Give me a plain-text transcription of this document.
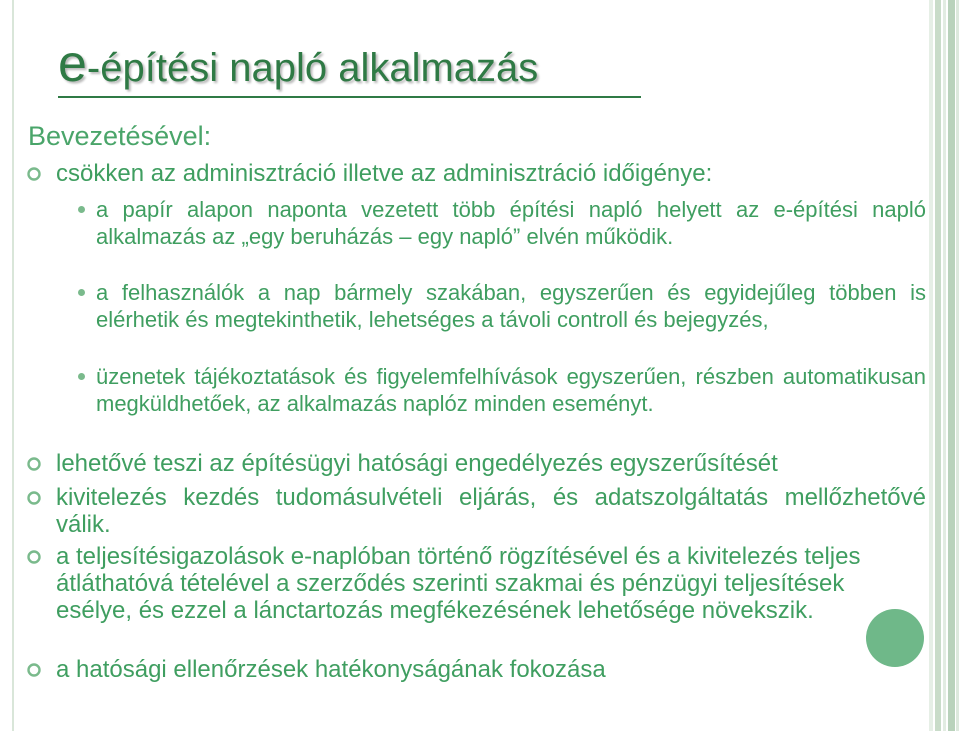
e-építési napló alkalmazás
Bevezetésével:
csökken az adminisztráció illetve az adminisztráció időigénye:
a papír alapon naponta vezetett több építési napló helyett az e-építési napló alkalmazás az „egy beruházás – egy napló” elvén működik.
a felhasználók a nap bármely szakában, egyszerűen és egyidejűleg többen is elérhetik és megtekinthetik, lehetséges a távoli controll és bejegyzés,
üzenetek tájékoztatások és figyelemfelhívások egyszerűen, részben automatikusan megküldhetőek, az alkalmazás naplóz minden eseményt.
lehetővé teszi az építésügyi hatósági engedélyezés egyszerűsítését
kivitelezés kezdés tudomásulvételi eljárás, és adatszolgáltatás mellőzhetővé válik.
a teljesítésigazolások e-naplóban történő rögzítésével és a kivitelezés teljes átláthatóvá tételével a szerződés szerinti szakmai és pénzügyi teljesítések esélye, és ezzel a lánctartozás megfékezésének lehetősége növekszik.
a hatósági ellenőrzések hatékonyságának fokozása
